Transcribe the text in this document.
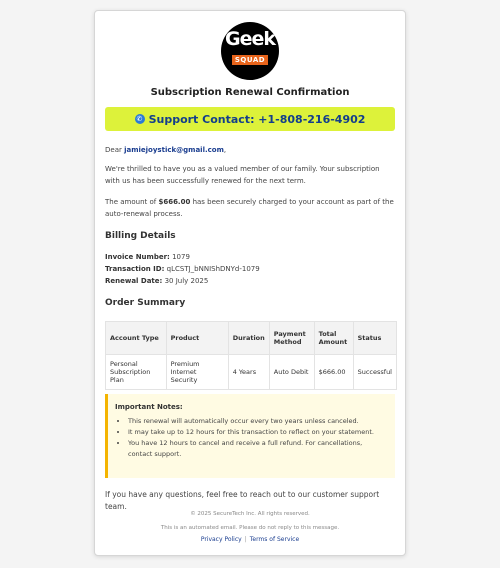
Geek
SQUAD
Subscription Renewal Confirmation
✆ Support Contact: +1-808-216-4902
Dear jamiejoystick@gmail.com,
We're thrilled to have you as a valued member of our family. Your subscription with us has been successfully renewed for the next term.
The amount of $666.00 has been securely charged to your account as part of the auto-renewal process.
Billing Details
Invoice Number: 1079
Transaction ID: qLCSTJ_bNNIShDNYd-1079
Renewal Date: 30 July 2025
Order Summary
Account Type	Product	Duration	Payment Method	Total Amount	Status
Personal Subscription Plan	Premium Internet Security	4 Years	Auto Debit	$666.00	Successful
Important Notes:
• This renewal will automatically occur every two years unless canceled.
• It may take up to 12 hours for this transaction to reflect on your statement.
• You have 12 hours to cancel and receive a full refund. For cancellations, contact support.
If you have any questions, feel free to reach out to our customer support team.
© 2025 SecureTech Inc. All rights reserved.
This is an automated email. Please do not reply to this message.
Privacy Policy | Terms of Service
